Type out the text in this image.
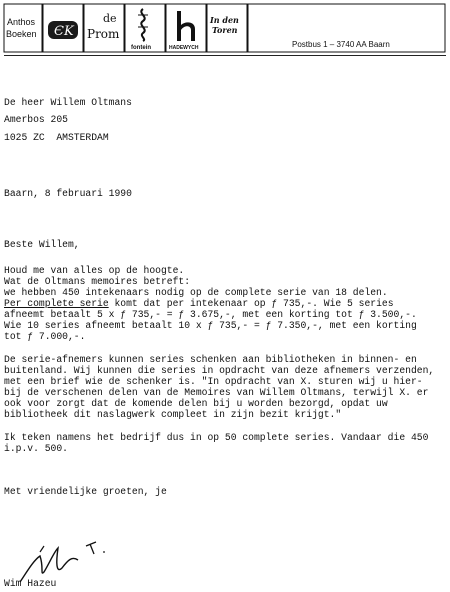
Anthos
Boeken ЄK
de
Prom
fontein	HADEWYCH
In den
Toren
Postbus 1 – 3740 AA Baarn
De heer Willem Oltmans
Amerbos 205
1025 ZC AMSTERDAM
Baarn, 8 februari 1990
Beste Willem,
Houd me van alles op de hoogte.
Wat de Oltmans memoires betreft:
we hebben 450 intekenaars nodig op de complete serie van 18 delen.
Per complete serie komt dat per intekenaar op ƒ 735,-. Wie 5 series
afneemt betaalt 5 x ƒ 735,- = ƒ 3.675,-, met een korting tot ƒ 3.500,-.
Wie 10 series afneemt betaalt 10 x ƒ 735,- = ƒ 7.350,-, met een korting
tot ƒ 7.000,-.
De serie-afnemers kunnen series schenken aan bibliotheken in binnen- en
buitenland. Wij kunnen die series in opdracht van deze afnemers verzenden,
met een brief wie de schenker is. "In opdracht van X. sturen wij u hier-
bij de verschenen delen van de Memoires van Willem Oltmans, terwijl X. er
ook voor zorgt dat de komende delen bij u worden bezorgd, opdat uw
bibliotheek dit naslagwerk compleet in zijn bezit krijgt."
Ik teken namens het bedrijf dus in op 50 complete series. Vandaar die 450
i.p.v. 500.
Met vriendelijke groeten, je
Wim Hazeu
